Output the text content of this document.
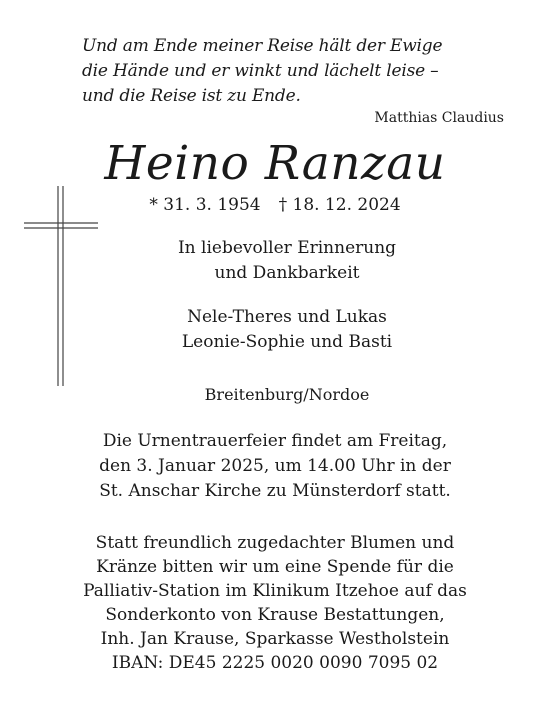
Und am Ende meiner Reise hält der Ewige
die Hände und er winkt und lächelt leise –
und die Reise ist zu Ende.
Matthias Claudius
Heino Ranzau
* 31. 3. 1954 † 18. 12. 2024
In liebevoller Erinnerung
und Dankbarkeit
Nele-Theres und Lukas
Leonie-Sophie und Basti
Breitenburg/Nordoe
Die Urnentrauerfeier findet am Freitag,
den 3. Januar 2025, um 14.00 Uhr in der
St. Anschar Kirche zu Münsterdorf statt.
Statt freundlich zugedachter Blumen und
Kränze bitten wir um eine Spende für die
Palliativ-Station im Klinikum Itzehoe auf das
Sonderkonto von Krause Bestattungen,
Inh. Jan Krause, Sparkasse Westholstein
IBAN: DE45 2225 0020 0090 7095 02
